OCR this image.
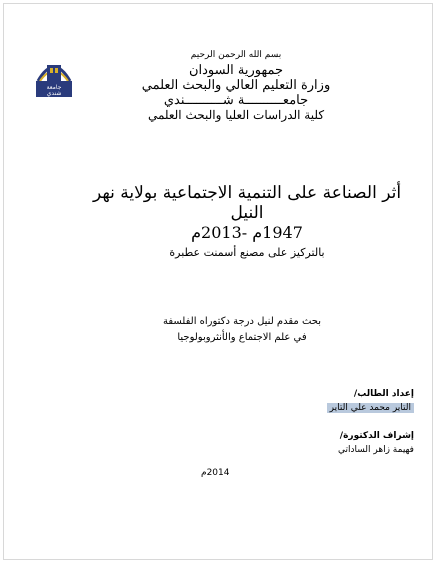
جامعة
شندي
بسم الله الرحمن الرحيم
جمهورية السودان
وزارة التعليم العالي والبحث العلمي
جامعــــــــــة شــــــــــندي
كلية الدراسات العليا والبحث العلمي
أثر الصناعة على التنمية الاجتماعية بولاية نهر النيل
1947م -2013م
بالتركيز على مصنع أسمنت عطبرة
بحث مقدم لنيل درجة دكتوراه الفلسفة
في علم الاجتماع والأنثروبولوجيا
إعداد الطالب/
التاير محمد علي التاير
إشراف الدكتورة/
فهيمة زاهر الساداتي
2014م
